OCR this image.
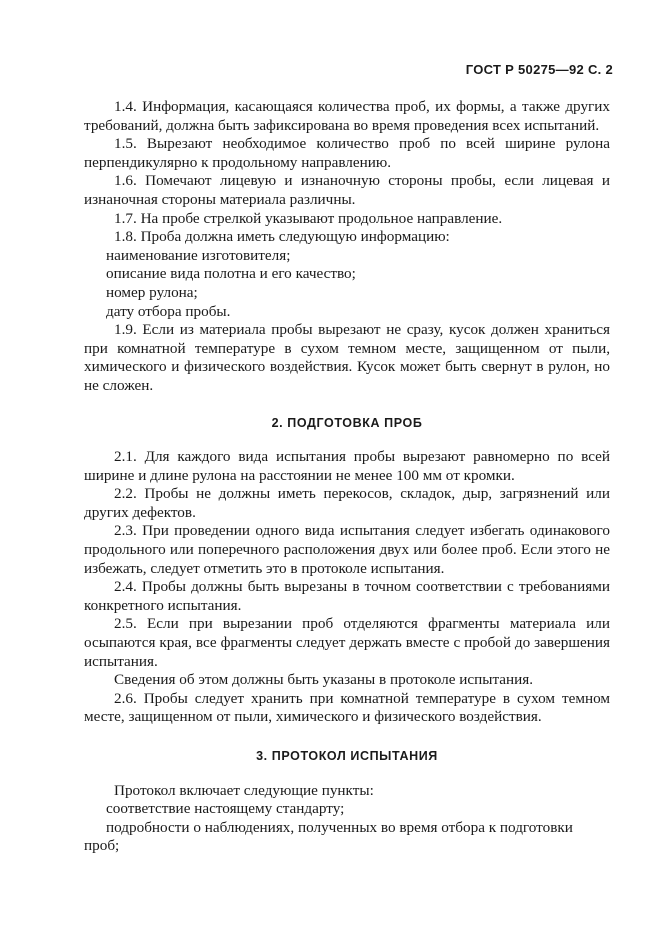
ГОСТ Р 50275—92 С. 2

1.4. Информация, касающаяся количества проб, их формы, а также других требований, должна быть зафиксирована во время проведения всех испытаний.

1.5. Вырезают необходимое количество проб по всей ширине рулона перпендикулярно к продольному направлению.

1.6. Помечают лицевую и изнаночную стороны пробы, если лицевая и изнаночная стороны материала различны.

1.7. На пробе стрелкой указывают продольное направление.

1.8. Проба должна иметь следующую информацию:

наименование изготовителя;

описание вида полотна и его качество;

номер рулона;

дату отбора пробы.

1.9. Если из материала пробы вырезают не сразу, кусок должен храниться при комнатной температуре в сухом темном месте, защищенном от пыли, химического и физического воздействия. Кусок может быть свернут в рулон, но не сложен.

2. ПОДГОТОВКА ПРОБ

2.1. Для каждого вида испытания пробы вырезают равномерно по всей ширине и длине рулона на расстоянии не менее 100 мм от кромки.

2.2. Пробы не должны иметь перекосов, складок, дыр, загрязнений или других дефектов.

2.3. При проведении одного вида испытания следует избегать одинакового продольного или поперечного расположения двух или более проб. Если этого не избежать, следует отметить это в протоколе испытания.

2.4. Пробы должны быть вырезаны в точном соответствии с требованиями конкретного испытания.

2.5. Если при вырезании проб отделяются фрагменты материала или осыпаются края, все фрагменты следует держать вместе с пробой до завершения испытания.

Сведения об этом должны быть указаны в протоколе испытания.

2.6. Пробы следует хранить при комнатной температуре в сухом темном месте, защищенном от пыли, химического и физического воздействия.

3. ПРОТОКОЛ ИСПЫТАНИЯ

Протокол включает следующие пункты:

соответствие настоящему стандарту;

подробности о наблюдениях, полученных во время отбора к подготовки проб;
